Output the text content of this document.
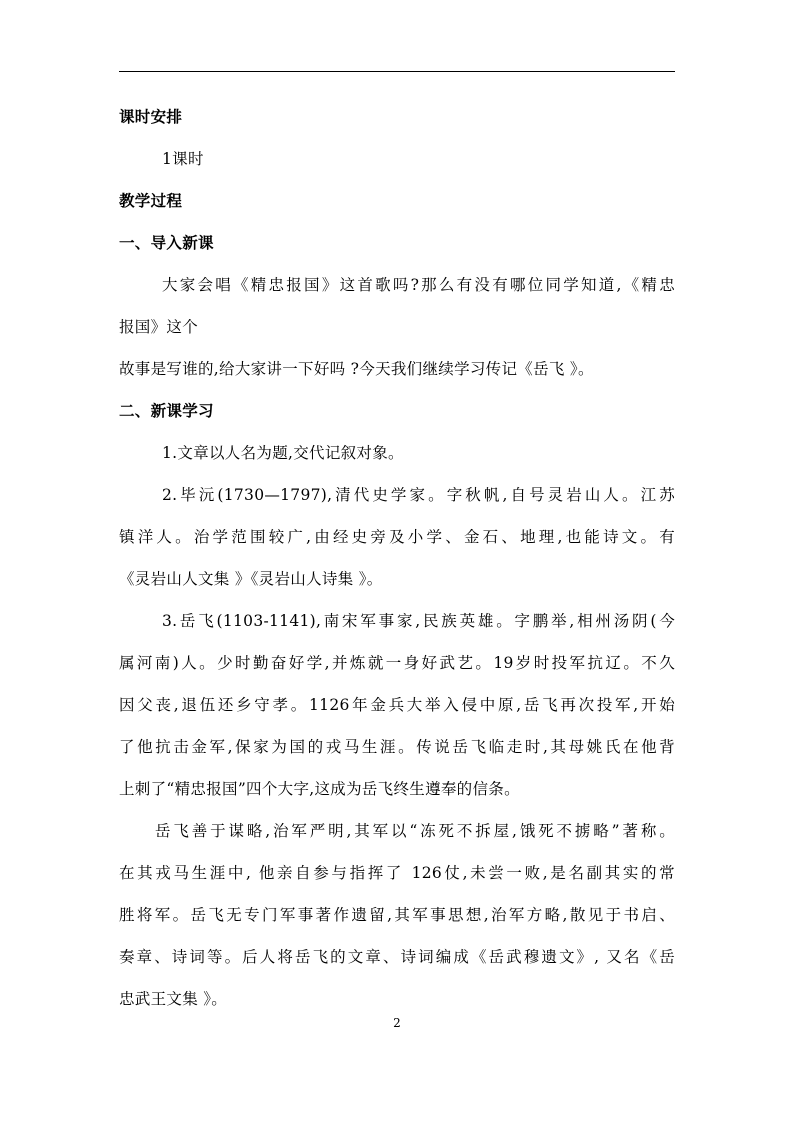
课时安排

1课时

教学过程

一、导入新课

大家会唱《精忠报国》这首歌吗?那么有没有哪位同学知道,《精忠

报国》这个

故事是写谁的,给大家讲一下好吗 ?今天我们继续学习传记《岳飞 》。

二、新课学习

1.文章以人名为题,交代记叙对象。

2.毕沅(1730—1797),清代史学家。字秋帆,自号灵岩山人。江苏

镇洋人。治学范围较广,由经史旁及小学、金石、地理,也能诗文。有

《灵岩山人文集 》《灵岩山人诗集 》。

3.岳飞(1103-1141),南宋军事家,民族英雄。字鹏举,相州汤阴(今

属河南)人。少时勤奋好学,并炼就一身好武艺。19岁时投军抗辽。不久

因父丧,退伍还乡守孝。1126年金兵大举入侵中原,岳飞再次投军,开始

了他抗击金军,保家为国的戎马生涯。传说岳飞临走时,其母姚氏在他背

上刺了“精忠报国”四个大字,这成为岳飞终生遵奉的信条。

岳飞善于谋略,治军严明,其军以“冻死不拆屋,饿死不掳略”著称。

在其戎马生涯中, 他亲自参与指挥了 126仗,未尝一败,是名副其实的常

胜将军。岳飞无专门军事著作遗留,其军事思想,治军方略,散见于书启、

奏章、诗词等。后人将岳飞的文章、诗词编成《岳武穆遗文》, 又名《岳

忠武王文集 》。

2
